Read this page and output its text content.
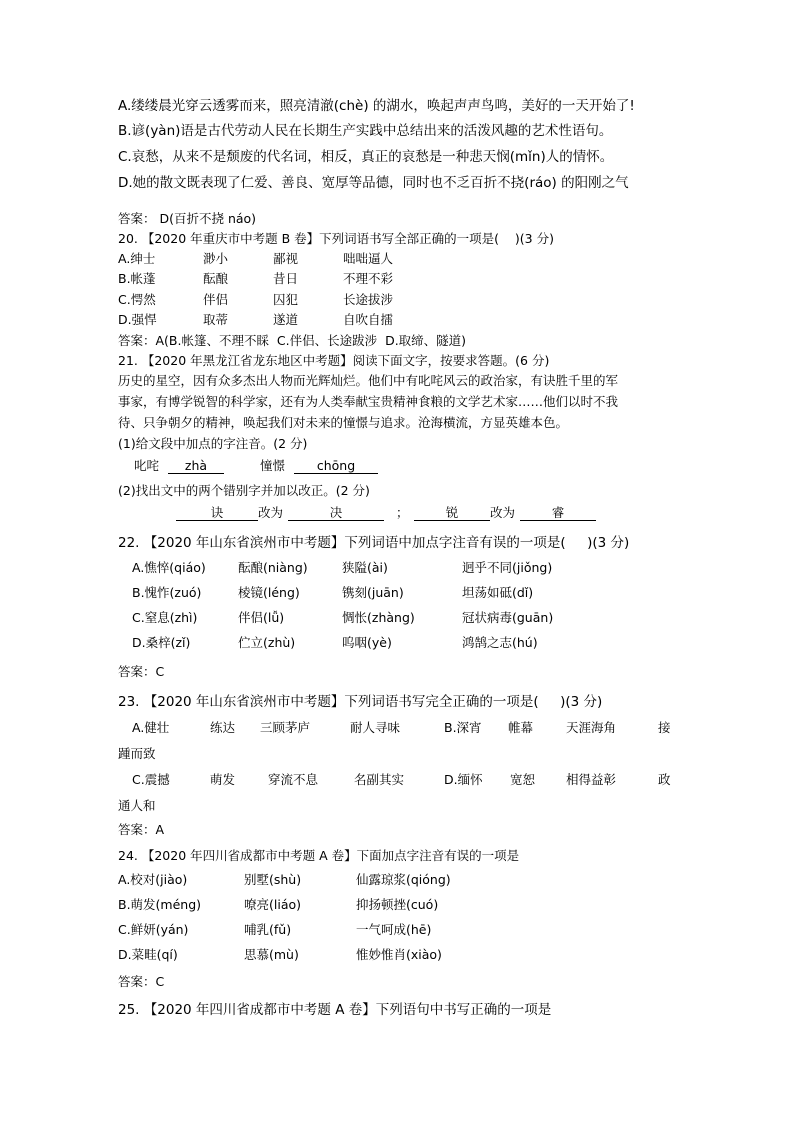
A.缕缕晨光穿云透雾而来，照亮清澈(chè) 的湖水，唤起声声鸟鸣，美好的一天开始了!
B.谚(yàn)语是古代劳动人民在长期生产实践中总结出来的活泼风趣的艺术性语句。
C.哀愁，从来不是颓废的代名词，相反，真正的哀愁是一种悲天悯(mǐn)人的情怀。
D.她的散文既表现了仁爱、善良、宽厚等品德，同时也不乏百折不挠(ráo) 的阳刚之气
答案： D(百折不挠 náo)
20. 【2020 年重庆市中考题 B 卷】下列词语书写全部正确的一项是(    )(3 分)
A.绅士	渺小	鄙视	咄咄逼人
B.帐蓬	酝酿	昔日	不理不彩
C.愕然	伴侣	囚犯	长途拔涉
D.强悍	取蒂	遂道	自吹自擂
答案：A(B.帐篷、不理不睬  C.伴侣、长途跋涉  D.取缔、隧道)
21. 【2020 年黑龙江省龙东地区中考题】阅读下面文字，按要求答题。(6 分)
历史的星空，因有众多杰出人物而光辉灿烂。他们中有叱咤风云的政治家，有诀胜千里的军
事家，有博学锐智的科学家，还有为人类奉献宝贵精神食粮的文学艺术家……他们以时不我
待、只争朝夕的精神，唤起我们对未来的憧憬与追求。沧海横流，方显英雄本色。
(1)给文段中加点的字注音。(2 分)
叱咤	zhà	憧憬	chōng
(2)找出文中的两个错别字并加以改正。(2 分)
诀	改为	决	；	锐	改为	睿
22. 【2020 年山东省滨州市中考题】下列词语中加点字注音有误的一项是(     )(3 分)
A.憔悴(qiáo)	酝酿(niàng)	狭隘(ài)	迥乎不同(jiǒng)
B.愧怍(zuó)	棱镜(léng)	镌刻(juān)	坦荡如砥(dǐ)
C.窒息(zhì)	伴侣(lǚ)	惆怅(zhàng)	冠状病毒(guān)
D.桑梓(zǐ)	伫立(zhù)	呜咽(yè)	鸿鹄之志(hú)
答案：C
23. 【2020 年山东省滨州市中考题】下列词语书写完全正确的一项是(     )(3 分)
A.健壮	练达 三顾茅庐	耐人寻味	B.深宵 帷幕	天涯海角	接
踵而致
C.震撼	萌发	穿流不息	名副其实	D.缅怀 宽恕 相得益彰	政
通人和
答案：A
24. 【2020 年四川省成都市中考题 A 卷】下面加点字注音有误的一项是
A.校对(jiào)	别墅(shù)	仙露琼浆(qióng)
B.萌发(méng)	嘹亮(liáo)	抑扬顿挫(cuó)
C.鲜妍(yán)	哺乳(fǔ)	一气呵成(hē)
D.菜畦(qí)	思慕(mù)	惟妙惟肖(xiào)
答案：C
25. 【2020 年四川省成都市中考题 A 卷】下列语句中书写正确的一项是
